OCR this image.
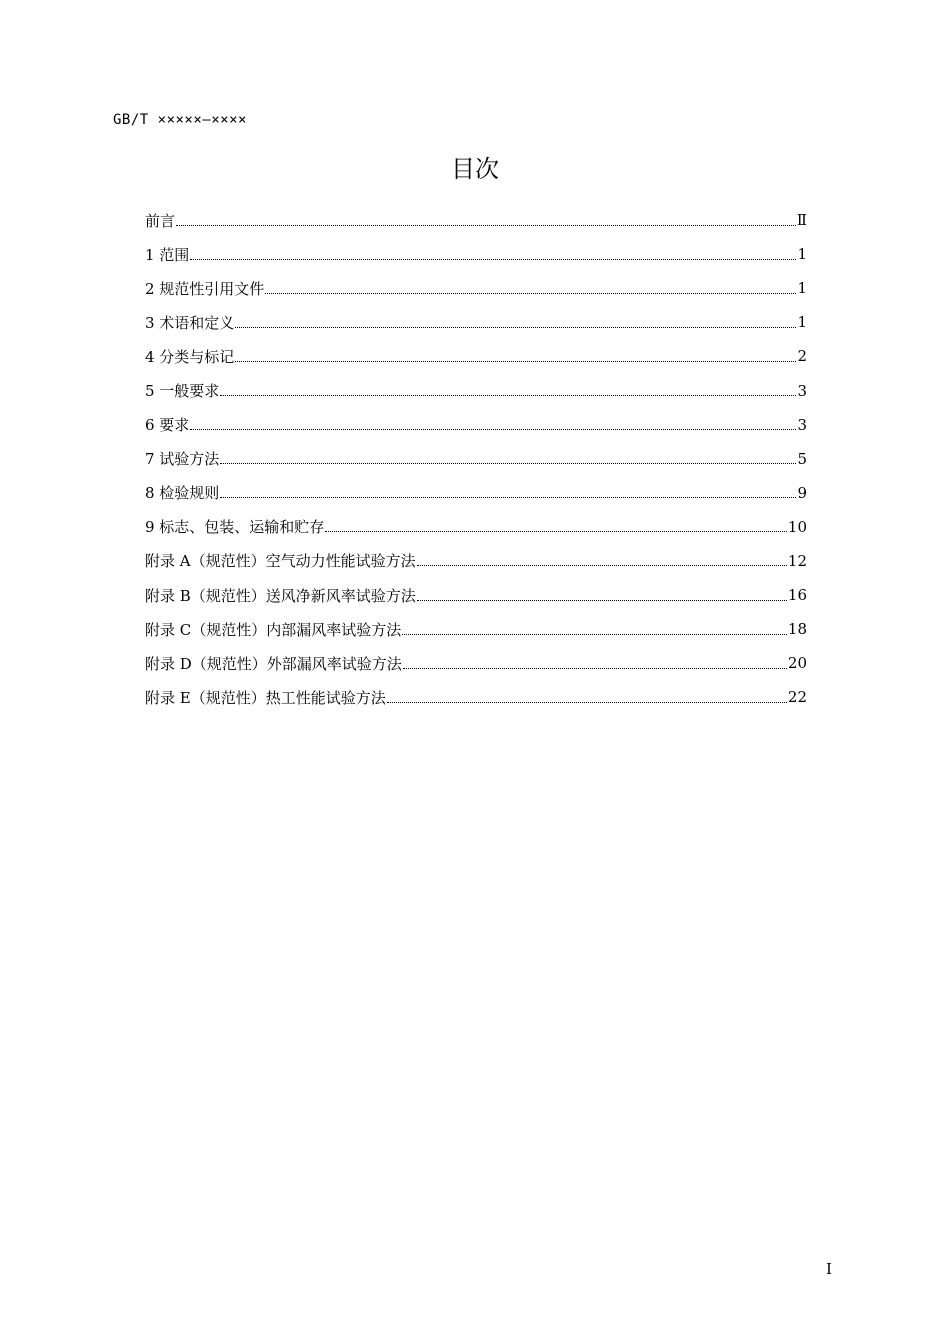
GB/T ×××××—××××
目次
前言	Ⅱ
1 范围	1
2 规范性引用文件	1
3 术语和定义	1
4 分类与标记	2
5 一般要求	3
6 要求	3
7 试验方法	5
8 检验规则	9
9 标志、包装、运输和贮存	10
附录 A（规范性）空气动力性能试验方法	12
附录 B（规范性）送风净新风率试验方法	16
附录 C（规范性）内部漏风率试验方法	18
附录 D（规范性）外部漏风率试验方法	20
附录 E（规范性）热工性能试验方法	22
I
